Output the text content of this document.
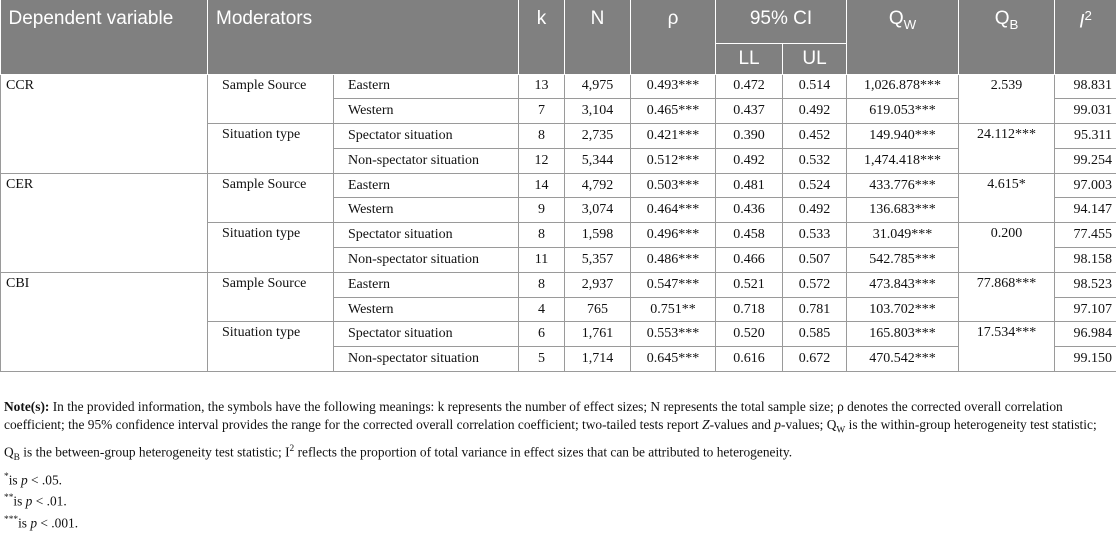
Dependent variable	Moderators		k	N	ρ	95% CI		$Q_W$	$Q_B$	$I^2$
						LL	UL			
CCR	Sample Source	Eastern	13	4,975	0.493***	0.472	0.514	1,026.878***	2.539	98.831
		Western	7	3,104	0.465***	0.437	0.492	619.053***		99.031
	Situation type	Spectator situation	8	2,735	0.421***	0.390	0.452	149.940***	24.112***	95.311
		Non-spectator situation	12	5,344	0.512***	0.492	0.532	1,474.418***		99.254
CER	Sample Source	Eastern	14	4,792	0.503***	0.481	0.524	433.776***	4.615*	97.003
		Western	9	3,074	0.464***	0.436	0.492	136.683***		94.147
	Situation type	Spectator situation	8	1,598	0.496***	0.458	0.533	31.049***	0.200	77.455
		Non-spectator situation	11	5,357	0.486***	0.466	0.507	542.785***		98.158
CBI	Sample Source	Eastern	8	2,937	0.547***	0.521	0.572	473.843***	77.868***	98.523
		Western	4	765	0.751**	0.718	0.781	103.702***		97.107
	Situation type	Spectator situation	6	1,761	0.553***	0.520	0.585	165.803***	17.534***	96.984
		Non-spectator situation	5	1,714	0.645***	0.616	0.672	470.542***		99.150

Note(s): In the provided information, the symbols have the following meanings: k represents the number of effect sizes; N represents the total sample size; ρ denotes the corrected overall correlation coefficient; the 95% confidence interval provides the range for the corrected overall correlation coefficient; two-tailed tests report Z-values and p-values; $Q_W$ is the within-group heterogeneity test statistic; $Q_B$ is the between-group heterogeneity test statistic; $I^2$ reflects the proportion of total variance in effect sizes that can be attributed to heterogeneity.

*is p < .05.

**is p < .01.

***is p < .001.
